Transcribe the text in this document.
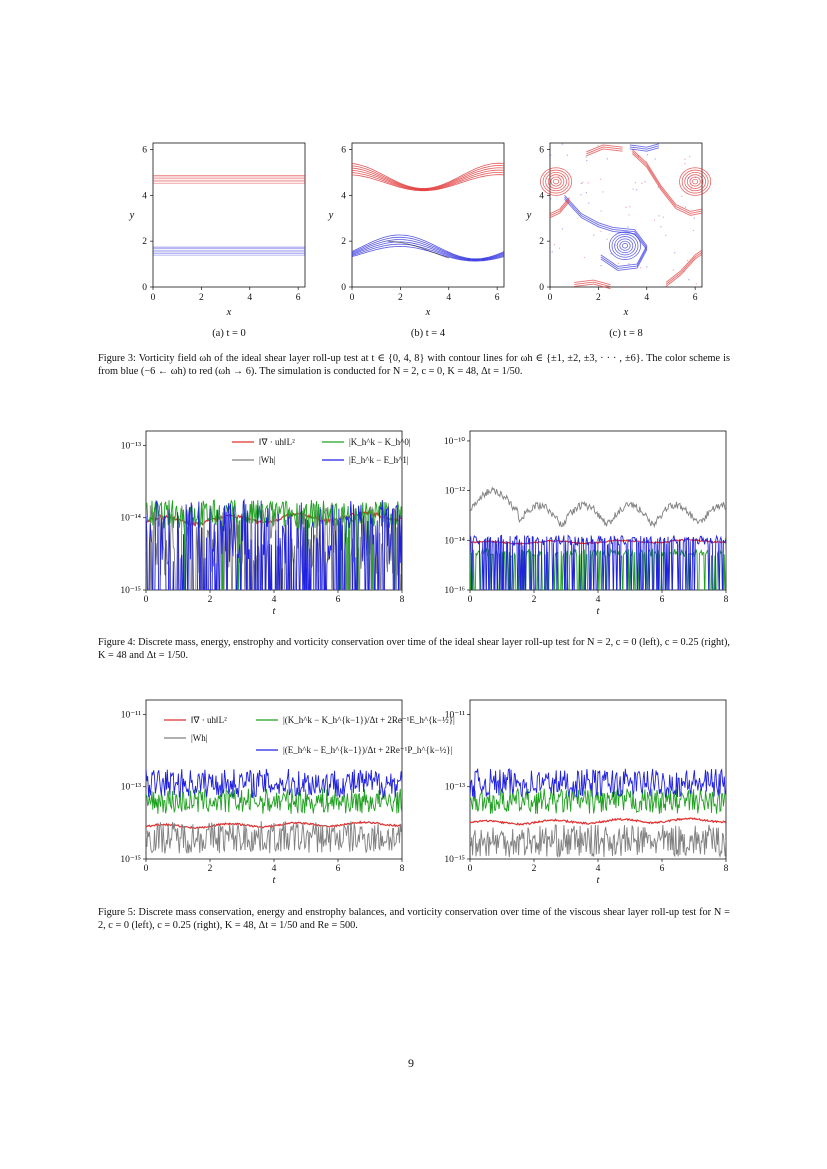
0	2	4	6
0
2
4
6
x
y
(a) t = 0
0	2	4	6
0
2
4
6
x
y
(b) t = 4
0	2	4	6
0
2
4
6
x
y
(c) t = 8
Figure 3: Vorticity field ωh of the ideal shear layer roll-up test at t ∈ {0, 4, 8} with contour lines for ωh ∈ {±1, ±2, ±3, · · · , ±6}. The color scheme is from blue (−6 ← ωh) to red (ωh → 6). The simulation is conducted for N = 2, c = 0, K = 48, Δt = 1/50.
0	2	4	6	8
10⁻¹⁵
10⁻¹⁴
10⁻¹³
t
0	2	4	6	8
10⁻¹⁶
10⁻¹⁴
10⁻¹²
10⁻¹⁰
t
‖∇ · uh‖L²
|Wh|
|K_h^k − K_h^0|
|E_h^k − E_h^1|
Figure 4: Discrete mass, energy, enstrophy and vorticity conservation over time of the ideal shear layer roll-up test for N = 2, c = 0 (left), c = 0.25 (right), K = 48 and Δt = 1/50.
0	2	4	6	8
10⁻¹⁵
10⁻¹³
10⁻¹¹
t
0	2	4	6	8
10⁻¹⁵
10⁻¹³
10⁻¹¹
t
‖∇ · uh‖L²
|Wh|
|(K_h^k − K_h^{k−1})/Δt + 2Re⁻¹E_h^{k−½}|
|(E_h^k − E_h^{k−1})/Δt + 2Re⁻¹P_h^{k−½}|
Figure 5: Discrete mass conservation, energy and enstrophy balances, and vorticity conservation over time of the viscous shear layer roll-up test for N = 2, c = 0 (left), c = 0.25 (right), K = 48, Δt = 1/50 and Re = 500.
9
